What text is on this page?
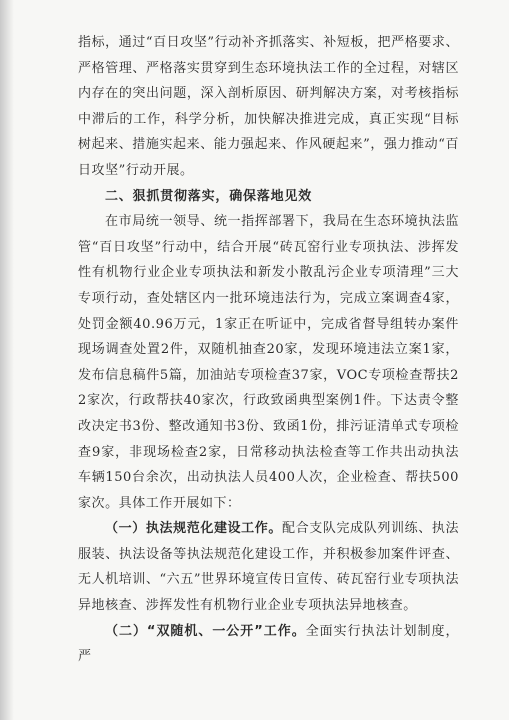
指标，通过“百日攻坚”行动补齐抓落实、补短板，把严格要求、严格管理、严格落实贯穿到生态环境执法工作的全过程，对辖区内存在的突出问题，深入剖析原因、研判解决方案，对考核指标中滞后的工作，科学分析，加快解决推进完成，真正实现“目标树起来、措施实起来、能力强起来、作风硬起来”，强力推动“百日攻坚”行动开展。

二、狠抓贯彻落实，确保落地见效

在市局统一领导、统一指挥部署下，我局在生态环境执法监管“百日攻坚”行动中，结合开展“砖瓦窑行业专项执法、涉挥发性有机物行业企业专项执法和新发小散乱污企业专项清理”三大专项行动，查处辖区内一批环境违法行为，完成立案调查4家，处罚金额40.96万元，1家正在听证中，完成省督导组转办案件现场调查处置2件，双随机抽查20家，发现环境违法立案1家，发布信息稿件5篇，加油站专项检查37家，VOC专项检查帮扶22家次，行政帮扶40家次，行政致函典型案例1件。下达责令整改决定书3份、整改通知书3份、致函1份，排污证清单式专项检查9家，非现场检查2家，日常移动执法检查等工作共出动执法车辆150台余次，出动执法人员400人次，企业检查、帮扶500家次。具体工作开展如下：

（一）执法规范化建设工作。配合支队完成队列训练、执法服装、执法设备等执法规范化建设工作，并积极参加案件评查、无人机培训、“六五”世界环境宣传日宣传、砖瓦窑行业专项执法异地核查、涉挥发性有机物行业企业专项执法异地核查。

（二）“双随机、一公开”工作。全面实行执法计划制度，严
